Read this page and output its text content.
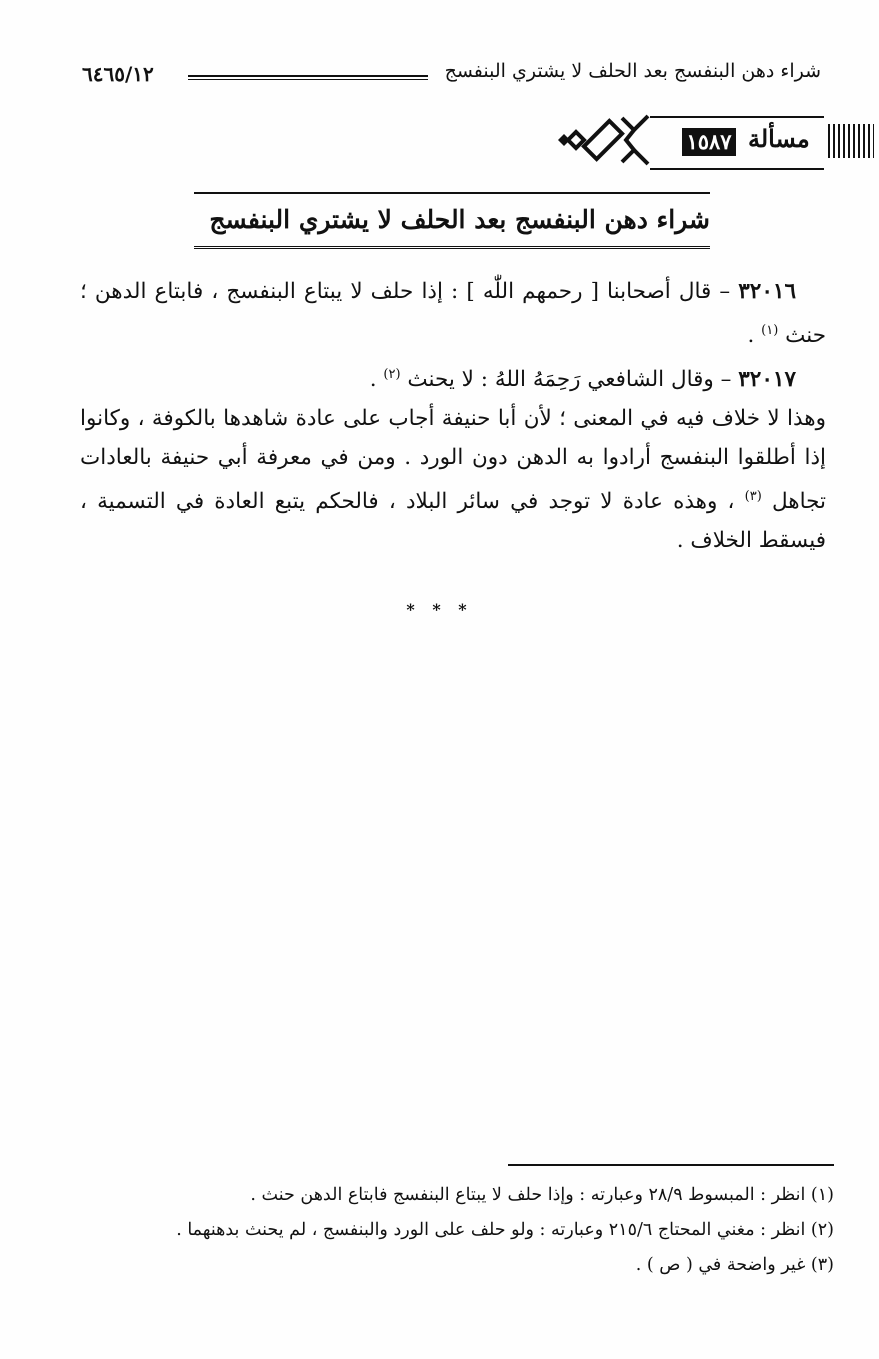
شراء دهن البنفسج بعد الحلف لا يشتري البنفسج
٦٤٦٥/١٢
مسألة
١٥٨٧
شراء دهن البنفسج بعد الحلف لا يشتري البنفسج

٣٢٠١٦ – قال أصحابنا [ رحمهم اللّٰه ] : إذا حلف لا يبتاع البنفسج ، فابتاع الدهن ؛ حنث $^{(١)}$ .

٣٢٠١٧ – وقال الشافعي رَحِمَهُ اللهُ : لا يحنث $^{(٢)}$ .

وهذا لا خلاف فيه في المعنى ؛ لأن أبا حنيفة أجاب على عادة شاهدها بالكوفة ، وكانوا إذا أطلقوا البنفسج أرادوا به الدهن دون الورد . ومن في معرفة أبي حنيفة بالعادات تجاهل $^{(٣)}$ ، وهذه عادة لا توجد في سائر البلاد ، فالحكم يتبع العادة في التسمية ، فيسقط الخلاف .

* * *

(١) انظر : المبسوط ٢٨/٩ وعبارته : وإذا حلف لا يبتاع البنفسج فابتاع الدهن حنث .

(٢) انظر : مغني المحتاج ٢١٥/٦ وعبارته : ولو حلف على الورد والبنفسج ، لم يحنث بدهنهما .

(٣) غير واضحة في ( ص ) .
